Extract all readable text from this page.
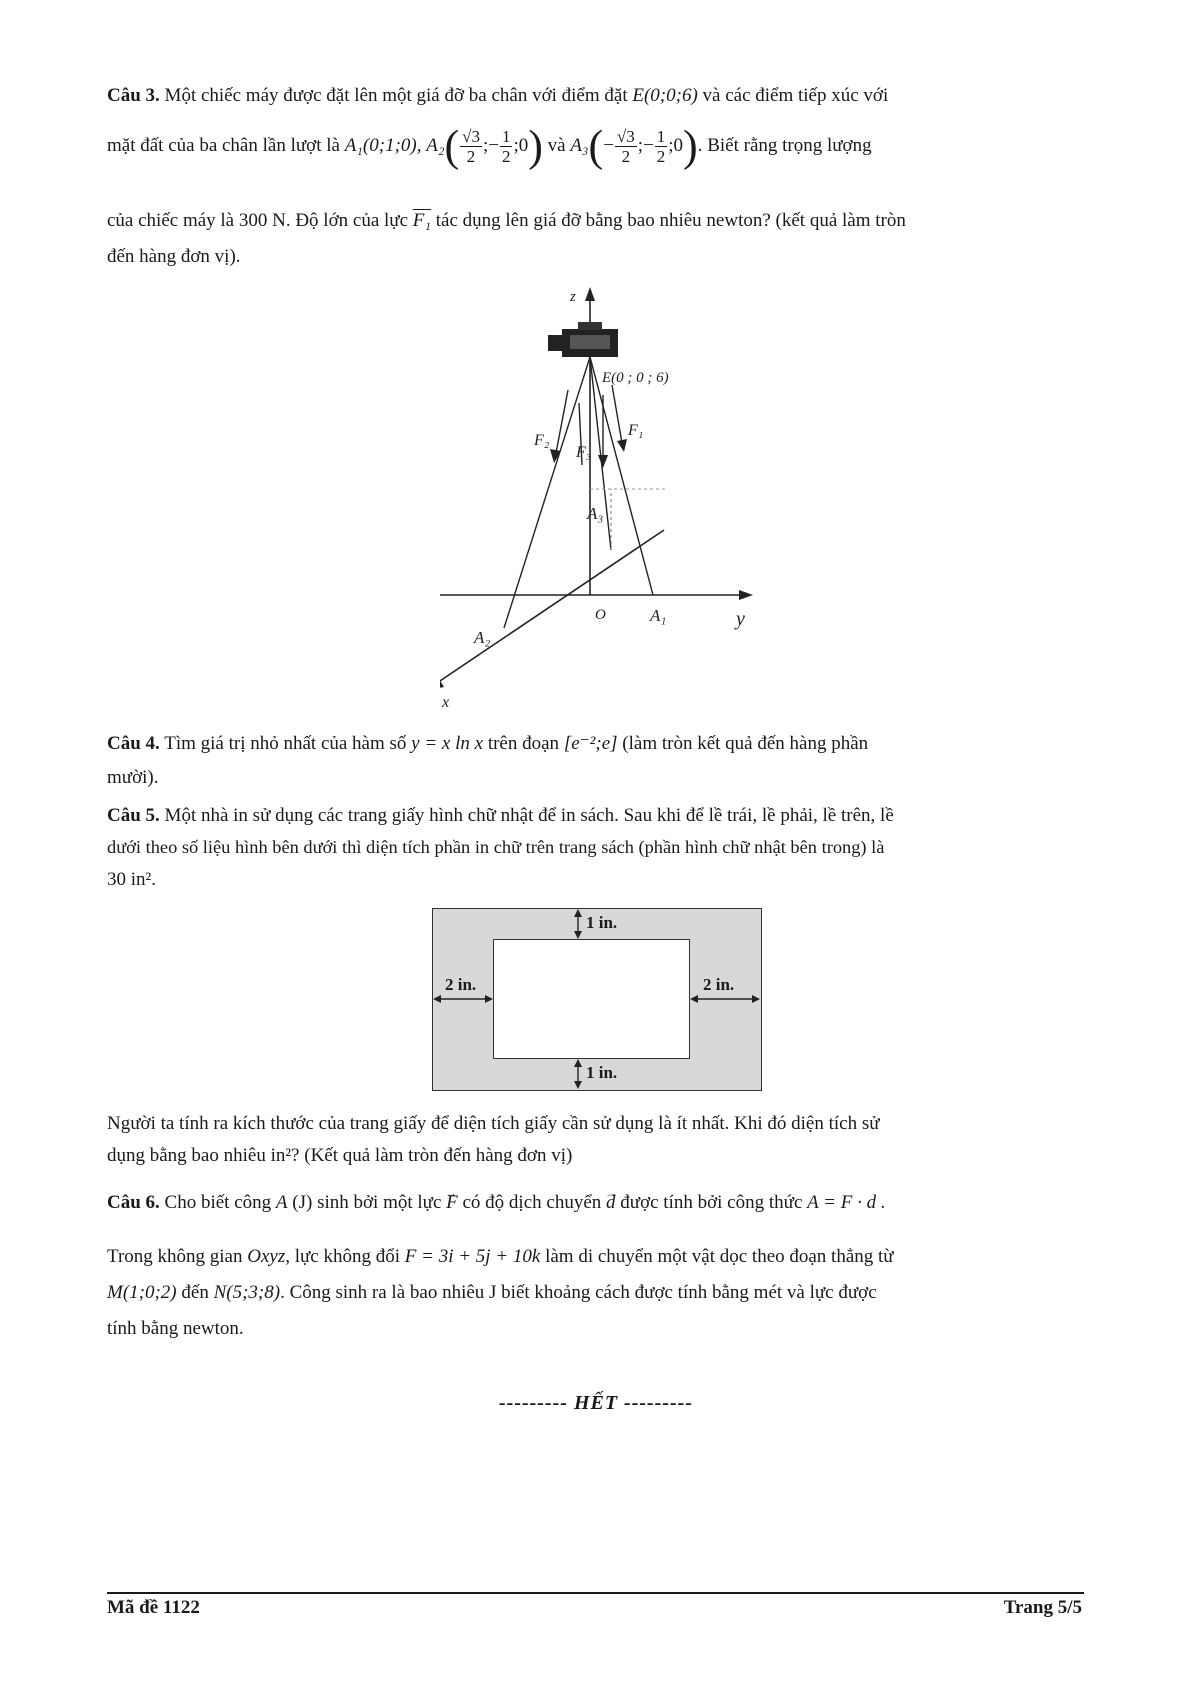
Câu 3. Một chiếc máy được đặt lên một giá đỡ ba chân với điểm đặt E(0;0;6) và các điểm tiếp xúc với
mặt đất của ba chân lần lượt là A₁(0;1;0), $A_2( \frac{√3}{2}$ ;− $\frac{1}{2}$ ;0) và $A_3(- \frac{√3}{2}$ ;− $\frac{1}{2}$ ;0). Biết rằng trọng lượng
của chiếc máy là 300 N. Độ lớn của lực F₁ tác dụng lên giá đỡ bằng bao nhiêu newton? (kết quả làm tròn
đến hàng đơn vị).
z
y
x
E(0 ; 0 ; 6)
F₁
F₂
F₃
A₃
O	A₁
A₂
Câu 4. Tìm giá trị nhỏ nhất của hàm số y = x ln x trên đoạn [e⁻²;e] (làm tròn kết quả đến hàng phần
mười).
Câu 5. Một nhà in sử dụng các trang giấy hình chữ nhật để in sách. Sau khi để lề trái, lề phải, lề trên, lề
dưới theo số liệu hình bên dưới thì diện tích phần in chữ trên trang sách (phần hình chữ nhật bên trong) là
30 in².
1 in.
1 in.
2 in.	2 in.
Người ta tính ra kích thước của trang giấy để diện tích giấy cần sử dụng là ít nhất. Khi đó diện tích sử
dụng bằng bao nhiêu in²? (Kết quả làm tròn đến hàng đơn vị)
Câu 6. Cho biết công A (J) sinh bởi một lực → F có độ dịch chuyển → d được tính bởi công thức A = F · d .
Trong không gian Oxyz, lực không đổi F = 3i + 5j + 10k làm di chuyển một vật dọc theo đoạn thẳng từ
M(1;0;2) đến N(5;3;8). Công sinh ra là bao nhiêu J biết khoảng cách được tính bằng mét và lực được
tính bằng newton.
--------- HẾT ---------
Mã đề 1122	Trang 5/5
